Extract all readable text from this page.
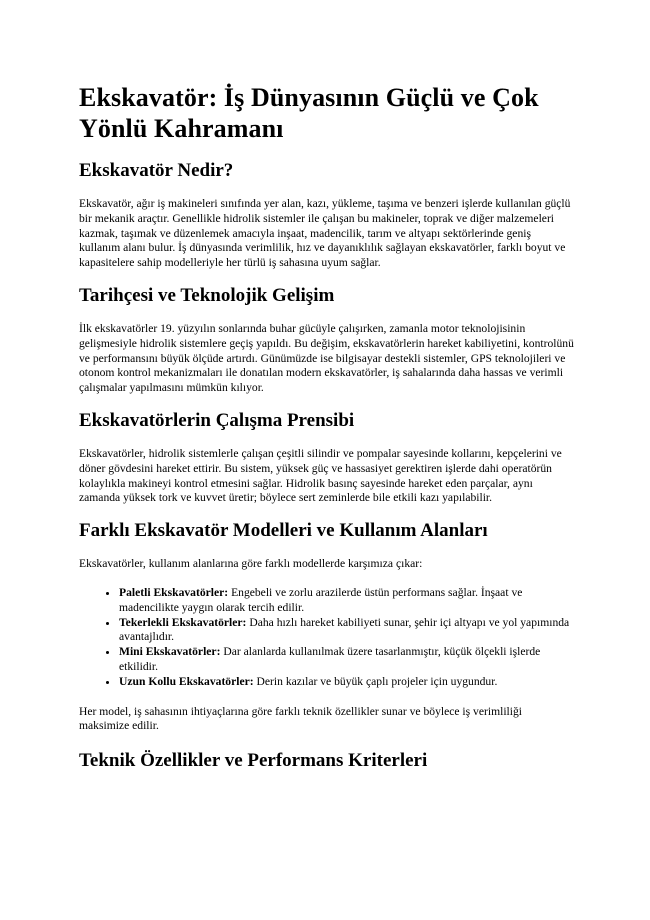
Ekskavatör: İş Dünyasının Güçlü ve Çok Yönlü Kahramanı
Ekskavatör Nedir?

Ekskavatör, ağır iş makineleri sınıfında yer alan, kazı, yükleme, taşıma ve benzeri işlerde kullanılan güçlü bir mekanik araçtır. Genellikle hidrolik sistemler ile çalışan bu makineler, toprak ve diğer malzemeleri kazmak, taşımak ve düzenlemek amacıyla inşaat, madencilik, tarım ve altyapı sektörlerinde geniş kullanım alanı bulur. İş dünyasında verimlilik, hız ve dayanıklılık sağlayan ekskavatörler, farklı boyut ve kapasitelere sahip modelleriyle her türlü iş sahasına uyum sağlar.

Tarihçesi ve Teknolojik Gelişim

İlk ekskavatörler 19. yüzyılın sonlarında buhar gücüyle çalışırken, zamanla motor teknolojisinin gelişmesiyle hidrolik sistemlere geçiş yapıldı. Bu değişim, ekskavatörlerin hareket kabiliyetini, kontrolünü ve performansını büyük ölçüde artırdı. Günümüzde ise bilgisayar destekli sistemler, GPS teknolojileri ve otonom kontrol mekanizmaları ile donatılan modern ekskavatörler, iş sahalarında daha hassas ve verimli çalışmalar yapılmasını mümkün kılıyor.

Ekskavatörlerin Çalışma Prensibi

Ekskavatörler, hidrolik sistemlerle çalışan çeşitli silindir ve pompalar sayesinde kollarını, kepçelerini ve döner gövdesini hareket ettirir. Bu sistem, yüksek güç ve hassasiyet gerektiren işlerde dahi operatörün kolaylıkla makineyi kontrol etmesini sağlar. Hidrolik basınç sayesinde hareket eden parçalar, aynı zamanda yüksek tork ve kuvvet üretir; böylece sert zeminlerde bile etkili kazı yapılabilir.

Farklı Ekskavatör Modelleri ve Kullanım Alanları

Ekskavatörler, kullanım alanlarına göre farklı modellerde karşımıza çıkar:

• Paletli Ekskavatörler: Engebeli ve zorlu arazilerde üstün performans sağlar. İnşaat ve madencilikte yaygın olarak tercih edilir.
• Tekerlekli Ekskavatörler: Daha hızlı hareket kabiliyeti sunar, şehir içi altyapı ve yol yapımında avantajlıdır.
• Mini Ekskavatörler: Dar alanlarda kullanılmak üzere tasarlanmıştır, küçük ölçekli işlerde etkilidir.
• Uzun Kollu Ekskavatörler: Derin kazılar ve büyük çaplı projeler için uygundur.

Her model, iş sahasının ihtiyaçlarına göre farklı teknik özellikler sunar ve böylece iş verimliliği maksimize edilir.

Teknik Özellikler ve Performans Kriterleri
